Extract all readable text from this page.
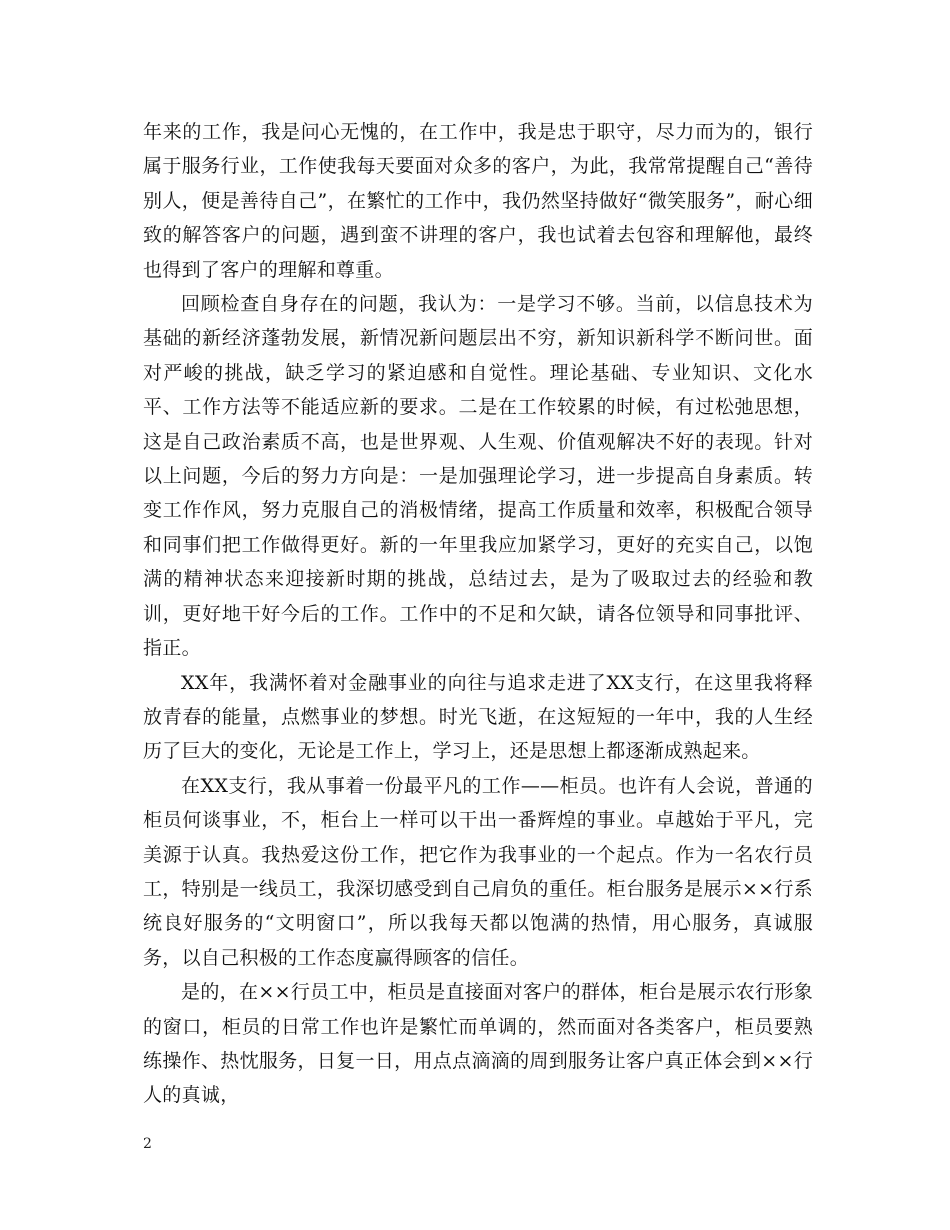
年来的工作，我是问心无愧的，在工作中，我是忠于职守，尽力而为的，银行属于服务行业，工作使我每天要面对众多的客户，为此，我常常提醒自己“善待别人，便是善待自己”，在繁忙的工作中，我仍然坚持做好“微笑服务”，耐心细致的解答客户的问题，遇到蛮不讲理的客户，我也试着去包容和理解他，最终也得到了客户的理解和尊重。

回顾检查自身存在的问题，我认为：一是学习不够。当前，以信息技术为基础的新经济蓬勃发展，新情况新问题层出不穷，新知识新科学不断问世。面对严峻的挑战，缺乏学习的紧迫感和自觉性。理论基础、专业知识、文化水平、工作方法等不能适应新的要求。二是在工作较累的时候，有过松弛思想，这是自己政治素质不高，也是世界观、人生观、价值观解决不好的表现。针对以上问题，今后的努力方向是：一是加强理论学习，进一步提高自身素质。转变工作作风，努力克服自己的消极情绪，提高工作质量和效率，积极配合领导和同事们把工作做得更好。新的一年里我应加紧学习，更好的充实自己，以饱满的精神状态来迎接新时期的挑战，总结过去，是为了吸取过去的经验和教训，更好地干好今后的工作。工作中的不足和欠缺，请各位领导和同事批评、指正。

XX年，我满怀着对金融事业的向往与追求走进了XX支行，在这里我将释放青春的能量，点燃事业的梦想。时光飞逝，在这短短的一年中，我的人生经历了巨大的变化，无论是工作上，学习上，还是思想上都逐渐成熟起来。

在XX支行，我从事着一份最平凡的工作——柜员。也许有人会说，普通的柜员何谈事业，不，柜台上一样可以干出一番辉煌的事业。卓越始于平凡，完美源于认真。我热爱这份工作，把它作为我事业的一个起点。作为一名农行员工，特别是一线员工，我深切感受到自己肩负的重任。柜台服务是展示××行系统良好服务的“文明窗口”，所以我每天都以饱满的热情，用心服务，真诚服务，以自己积极的工作态度赢得顾客的信任。

是的，在××行员工中，柜员是直接面对客户的群体，柜台是展示农行形象的窗口，柜员的日常工作也许是繁忙而单调的，然而面对各类客户，柜员要熟练操作、热忱服务，日复一日，用点点滴滴的周到服务让客户真正体会到××行人的真诚，

2
